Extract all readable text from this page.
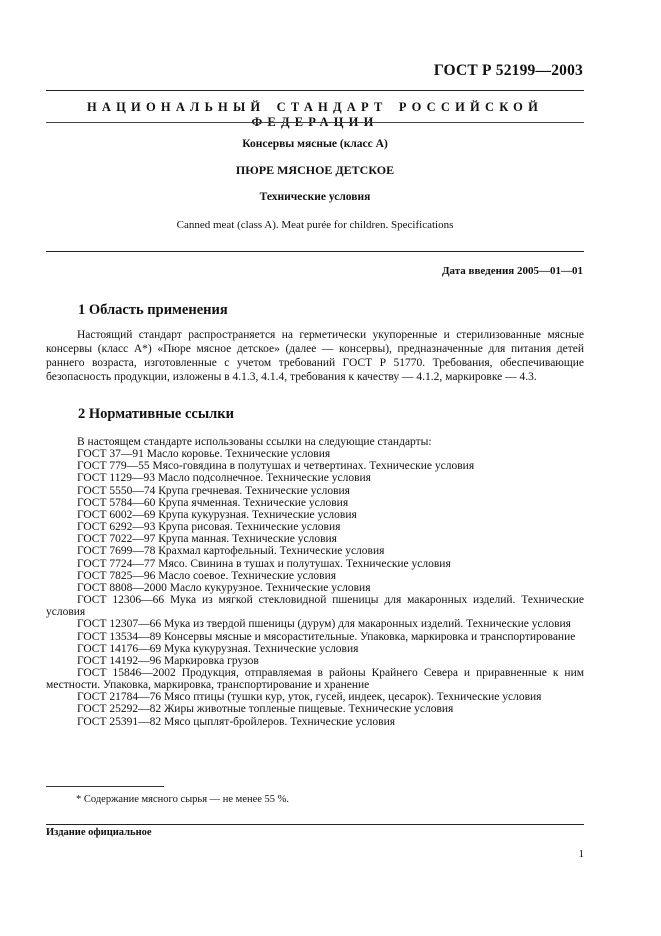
ГОСТ Р 52199—2003
НАЦИОНАЛЬНЫЙ СТАНДАРТ РОССИЙСКОЙ ФЕДЕРАЦИИ
Консервы мясные (класс А)
ПЮРЕ МЯСНОЕ ДЕТСКОЕ
Технические условия
Canned meat (class A). Meat purée for children. Specifications
Дата введения 2005—01—01
1 Область применения
Настоящий стандарт распространяется на герметически укупоренные и стерилизованные мясные консервы (класс А*) «Пюре мясное детское» (далее — консервы), предназначенные для питания детей раннего возраста, изготовленные с учетом требований ГОСТ Р 51770. Требования, обеспечивающие безопасность продукции, изложены в 4.1.3, 4.1.4, требования к качеству — 4.1.2, маркировке — 4.3.
2 Нормативные ссылки
В настоящем стандарте использованы ссылки на следующие стандарты:
ГОСТ 37—91 Масло коровье. Технические условия
ГОСТ 779—55 Мясо-говядина в полутушах и четвертинах. Технические условия
ГОСТ 1129—93 Масло подсолнечное. Технические условия
ГОСТ 5550—74 Крупа гречневая. Технические условия
ГОСТ 5784—60 Крупа ячменная. Технические условия
ГОСТ 6002—69 Крупа кукурузная. Технические условия
ГОСТ 6292—93 Крупа рисовая. Технические условия
ГОСТ 7022—97 Крупа манная. Технические условия
ГОСТ 7699—78 Крахмал картофельный. Технические условия
ГОСТ 7724—77 Мясо. Свинина в тушах и полутушах. Технические условия
ГОСТ 7825—96 Масло соевое. Технические условия
ГОСТ 8808—2000 Масло кукурузное. Технические условия
ГОСТ 12306—66 Мука из мягкой стекловидной пшеницы для макаронных изделий. Технические условия
ГОСТ 12307—66 Мука из твердой пшеницы (дурум) для макаронных изделий. Технические условия
ГОСТ 13534—89 Консервы мясные и мясорастительные. Упаковка, маркировка и транспортирование
ГОСТ 14176—69 Мука кукурузная. Технические условия
ГОСТ 14192—96 Маркировка грузов
ГОСТ 15846—2002 Продукция, отправляемая в районы Крайнего Севера и приравненные к ним местности. Упаковка, маркировка, транспортирование и хранение
ГОСТ 21784—76 Мясо птицы (тушки кур, уток, гусей, индеек, цесарок). Технические условия
ГОСТ 25292—82 Жиры животные топленые пищевые. Технические условия
ГОСТ 25391—82 Мясо цыплят-бройлеров. Технические условия
* Содержание мясного сырья — не менее 55 %.
Издание официальное
1
